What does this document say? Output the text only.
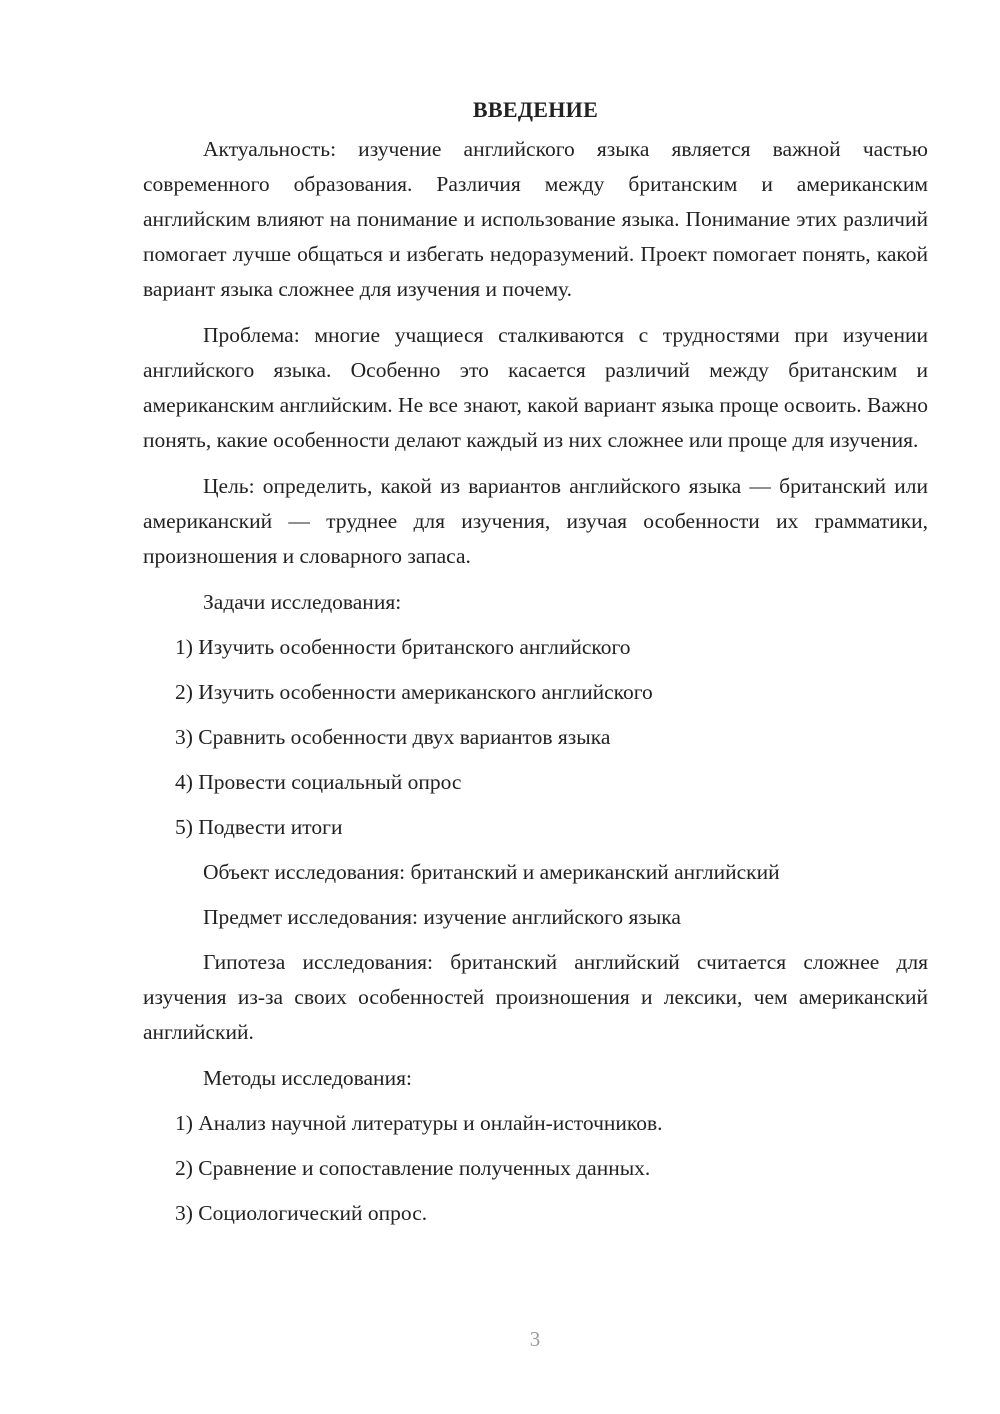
ВВЕДЕНИЕ

Актуальность: изучение английского языка является важной частью современного образования. Различия между британским и американским английским влияют на понимание и использование языка. Понимание этих различий помогает лучше общаться и избегать недоразумений. Проект помогает понять, какой вариант языка сложнее для изучения и почему.

Проблема: многие учащиеся сталкиваются с трудностями при изучении английского языка. Особенно это касается различий между британским и американским английским. Не все знают, какой вариант языка проще освоить. Важно понять, какие особенности делают каждый из них сложнее или проще для изучения.

Цель: определить, какой из вариантов английского языка — британский или американский — труднее для изучения, изучая особенности их грамматики, произношения и словарного запаса.

Задачи исследования:
1) Изучить особенности британского английского
2) Изучить особенности американского английского
3) Сравнить особенности двух вариантов языка
4) Провести социальный опрос
5) Подвести итоги
Объект исследования: британский и американский английский
Предмет исследования: изучение английского языка

Гипотеза исследования: британский английский считается сложнее для изучения из-за своих особенностей произношения и лексики, чем американский английский.

Методы исследования:
1) Анализ научной литературы и онлайн-источников.
2) Сравнение и сопоставление полученных данных.
3) Социологический опрос.
3
